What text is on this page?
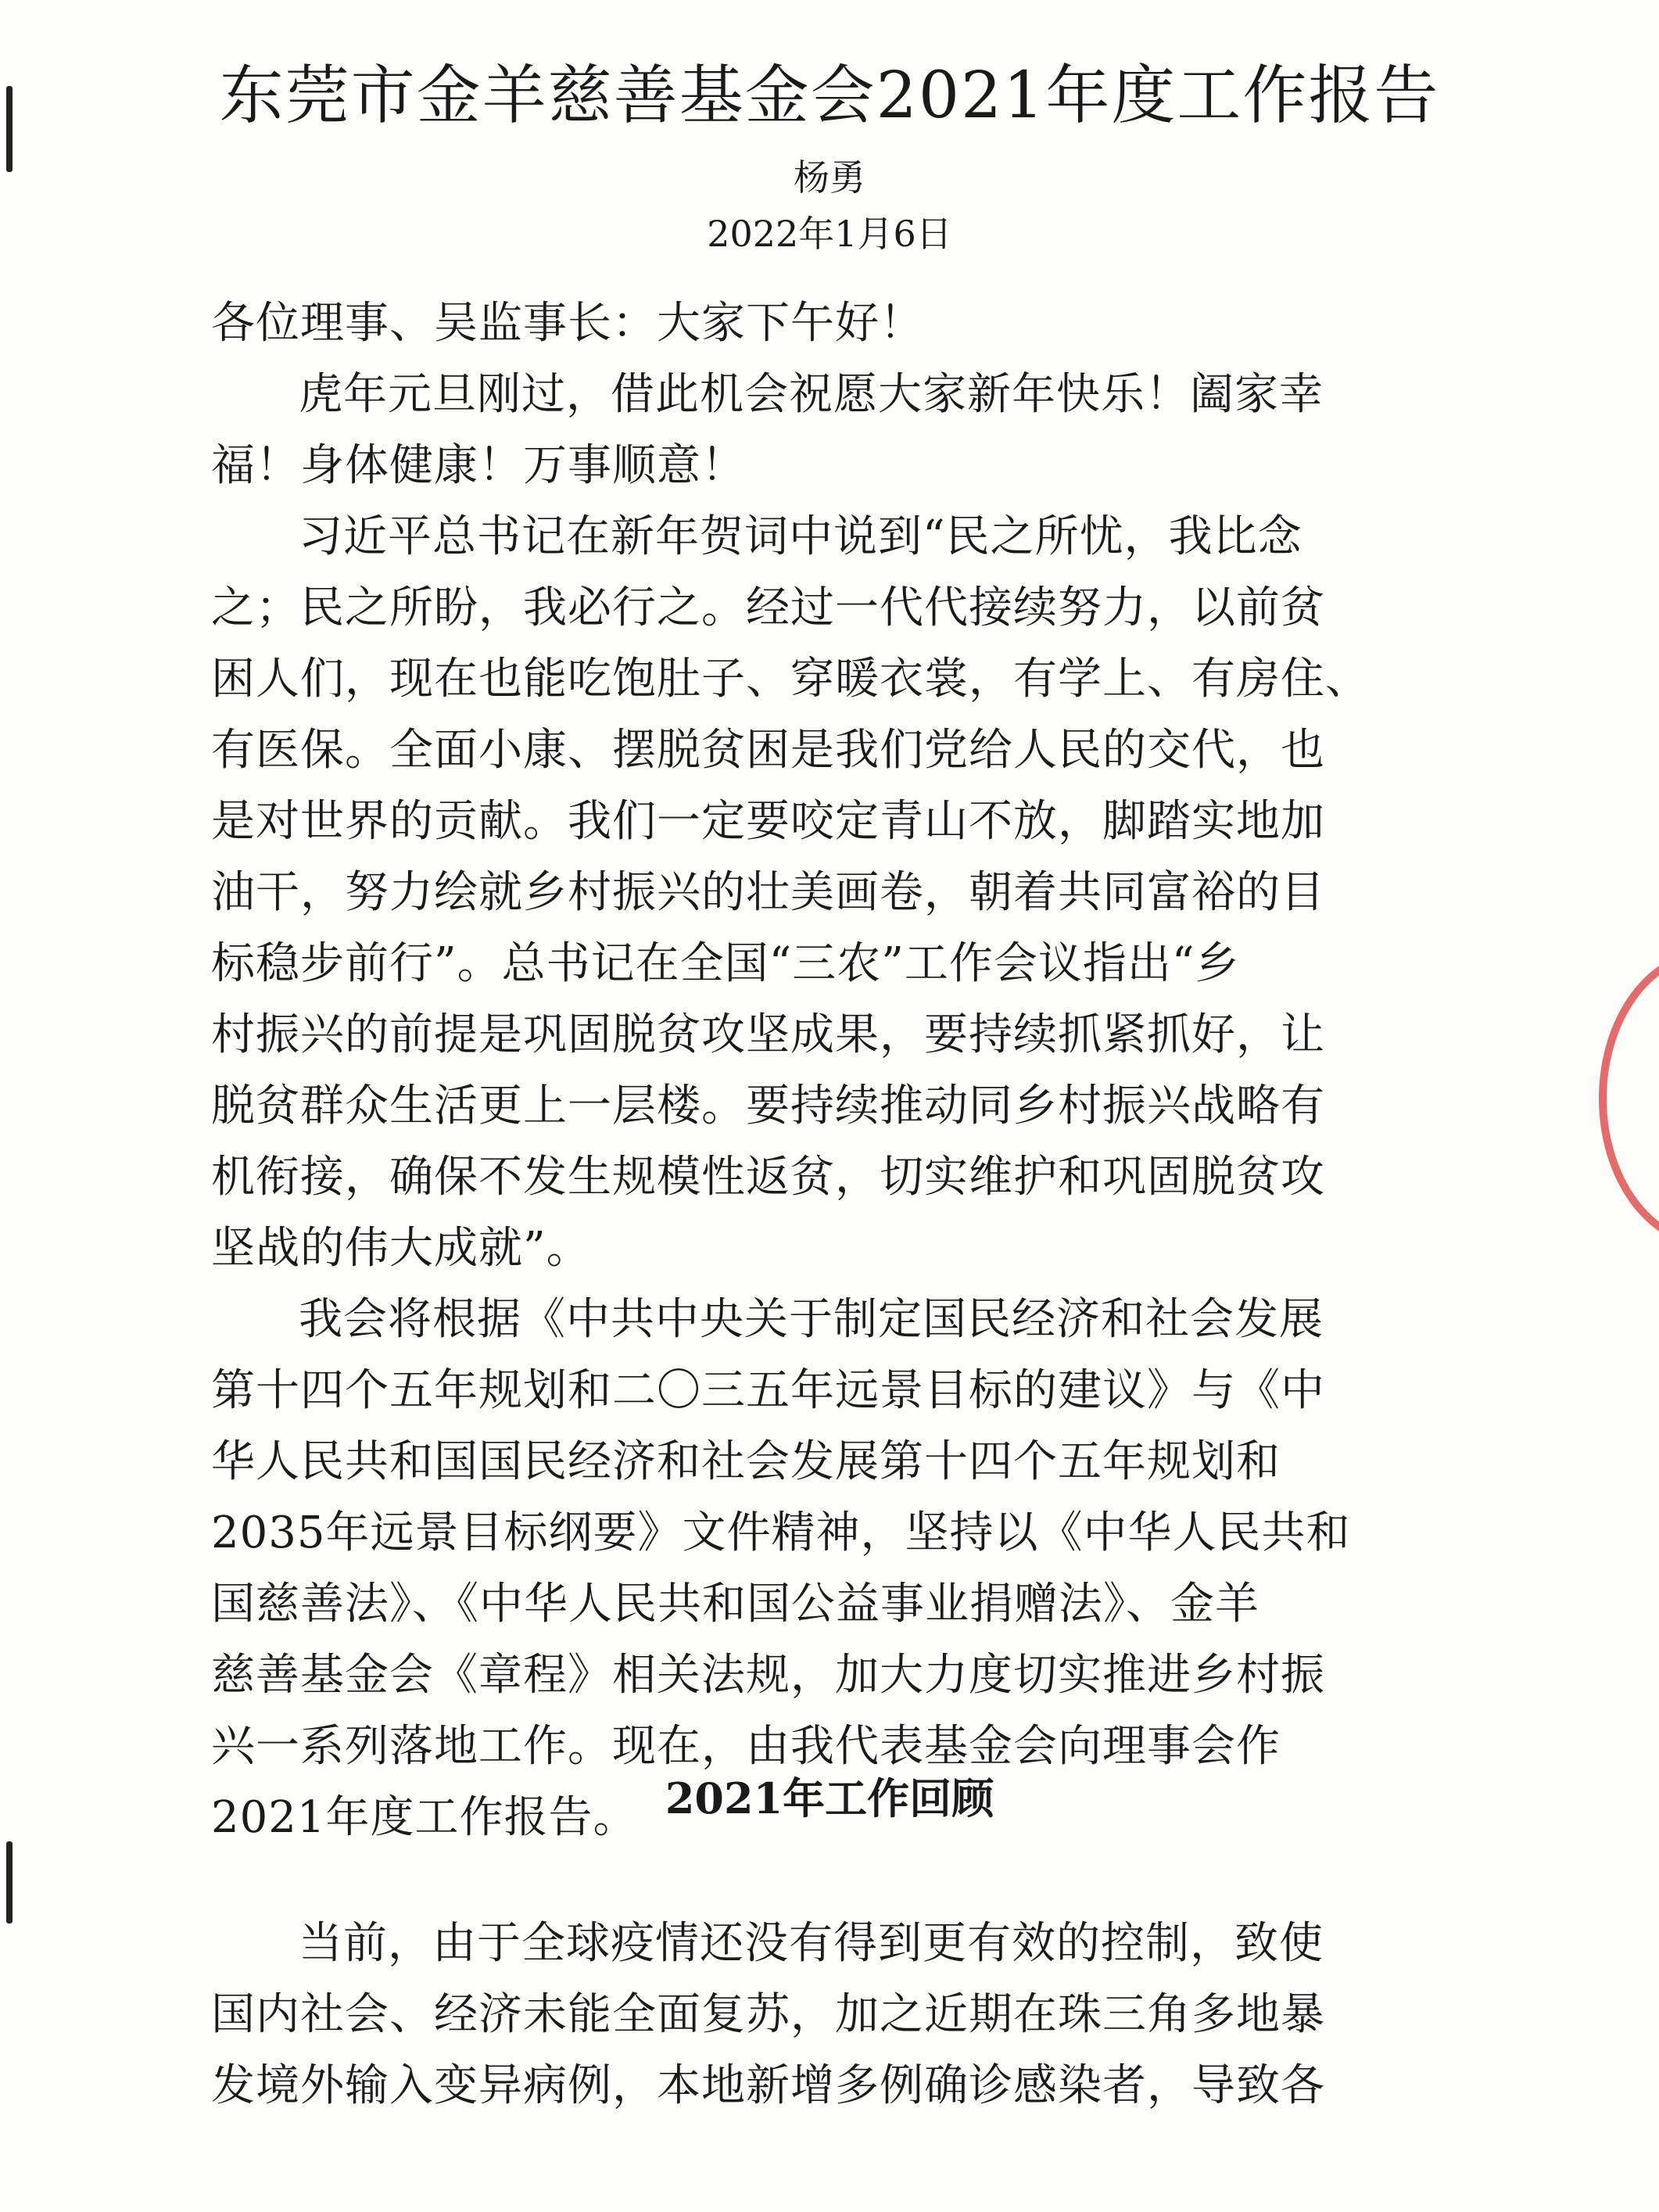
东莞市金羊慈善基金会2021年度工作报告
杨勇
2022年1月6日
各位理事、吴监事长：大家下午好！
虎年元旦刚过，借此机会祝愿大家新年快乐！阖家幸
福！身体健康！万事顺意！
习近平总书记在新年贺词中说到“民之所忧，我比念
之；民之所盼，我必行之。经过一代代接续努力，以前贫
困人们，现在也能吃饱肚子、穿暖衣裳，有学上、有房住、
有医保。全面小康、摆脱贫困是我们党给人民的交代，也
是对世界的贡献。我们一定要咬定青山不放，脚踏实地加
油干，努力绘就乡村振兴的壮美画卷，朝着共同富裕的目
标稳步前行”。总书记在全国“三农”工作会议指出“乡
村振兴的前提是巩固脱贫攻坚成果，要持续抓紧抓好，让
脱贫群众生活更上一层楼。要持续推动同乡村振兴战略有
机衔接，确保不发生规模性返贫，切实维护和巩固脱贫攻
坚战的伟大成就”。
我会将根据《中共中央关于制定国民经济和社会发展
第十四个五年规划和二〇三五年远景目标的建议》与《中
华人民共和国国民经济和社会发展第十四个五年规划和
2035年远景目标纲要》文件精神，坚持以《中华人民共和
国慈善法》、《中华人民共和国公益事业捐赠法》、金羊
慈善基金会《章程》相关法规，加大力度切实推进乡村振
兴一系列落地工作。现在，由我代表基金会向理事会作
2021年度工作报告。 2021年工作回顾
当前，由于全球疫情还没有得到更有效的控制，致使
国内社会、经济未能全面复苏，加之近期在珠三角多地暴
发境外输入变异病例，本地新增多例确诊感染者，导致各
